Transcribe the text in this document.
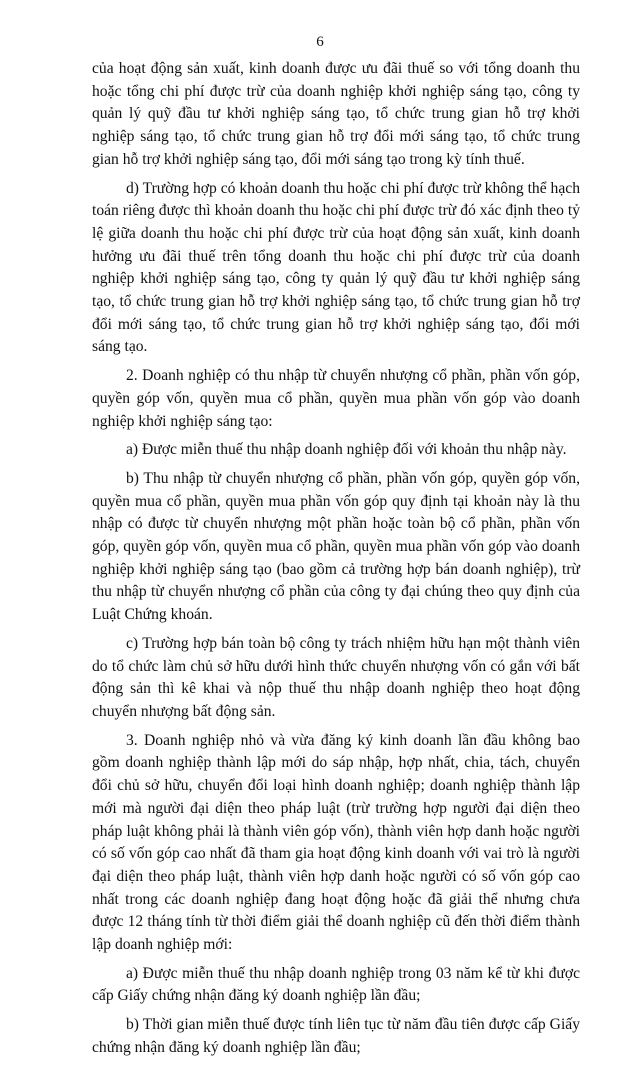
6

của hoạt động sản xuất, kinh doanh được ưu đãi thuế so với tổng doanh thu hoặc tổng chi phí được trừ của doanh nghiệp khởi nghiệp sáng tạo, công ty quản lý quỹ đầu tư khởi nghiệp sáng tạo, tổ chức trung gian hỗ trợ khởi nghiệp sáng tạo, tổ chức trung gian hỗ trợ đổi mới sáng tạo, tổ chức trung gian hỗ trợ khởi nghiệp sáng tạo, đổi mới sáng tạo trong kỳ tính thuế.

d) Trường hợp có khoản doanh thu hoặc chi phí được trừ không thể hạch toán riêng được thì khoản doanh thu hoặc chi phí được trừ đó xác định theo tỷ lệ giữa doanh thu hoặc chi phí được trừ của hoạt động sản xuất, kinh doanh hưởng ưu đãi thuế trên tổng doanh thu hoặc chi phí được trừ của doanh nghiệp khởi nghiệp sáng tạo, công ty quản lý quỹ đầu tư khởi nghiệp sáng tạo, tổ chức trung gian hỗ trợ khởi nghiệp sáng tạo, tổ chức trung gian hỗ trợ đổi mới sáng tạo, tổ chức trung gian hỗ trợ khởi nghiệp sáng tạo, đổi mới sáng tạo.

2. Doanh nghiệp có thu nhập từ chuyển nhượng cổ phần, phần vốn góp, quyền góp vốn, quyền mua cổ phần, quyền mua phần vốn góp vào doanh nghiệp khởi nghiệp sáng tạo:

a) Được miễn thuế thu nhập doanh nghiệp đối với khoản thu nhập này.

b) Thu nhập từ chuyển nhượng cổ phần, phần vốn góp, quyền góp vốn, quyền mua cổ phần, quyền mua phần vốn góp quy định tại khoản này là thu nhập có được từ chuyển nhượng một phần hoặc toàn bộ cổ phần, phần vốn góp, quyền góp vốn, quyền mua cổ phần, quyền mua phần vốn góp vào doanh nghiệp khởi nghiệp sáng tạo (bao gồm cả trường hợp bán doanh nghiệp), trừ thu nhập từ chuyển nhượng cổ phần của công ty đại chúng theo quy định của Luật Chứng khoán.

c) Trường hợp bán toàn bộ công ty trách nhiệm hữu hạn một thành viên do tổ chức làm chủ sở hữu dưới hình thức chuyển nhượng vốn có gắn với bất động sản thì kê khai và nộp thuế thu nhập doanh nghiệp theo hoạt động chuyển nhượng bất động sản.

3. Doanh nghiệp nhỏ và vừa đăng ký kinh doanh lần đầu không bao gồm doanh nghiệp thành lập mới do sáp nhập, hợp nhất, chia, tách, chuyển đổi chủ sở hữu, chuyển đổi loại hình doanh nghiệp; doanh nghiệp thành lập mới mà người đại diện theo pháp luật (trừ trường hợp người đại diện theo pháp luật không phải là thành viên góp vốn), thành viên hợp danh hoặc người có số vốn góp cao nhất đã tham gia hoạt động kinh doanh với vai trò là người đại diện theo pháp luật, thành viên hợp danh hoặc người có số vốn góp cao nhất trong các doanh nghiệp đang hoạt động hoặc đã giải thể nhưng chưa được 12 tháng tính từ thời điểm giải thể doanh nghiệp cũ đến thời điểm thành lập doanh nghiệp mới:

a) Được miễn thuế thu nhập doanh nghiệp trong 03 năm kể từ khi được cấp Giấy chứng nhận đăng ký doanh nghiệp lần đầu;

b) Thời gian miễn thuế được tính liên tục từ năm đầu tiên được cấp Giấy chứng nhận đăng ký doanh nghiệp lần đầu;
